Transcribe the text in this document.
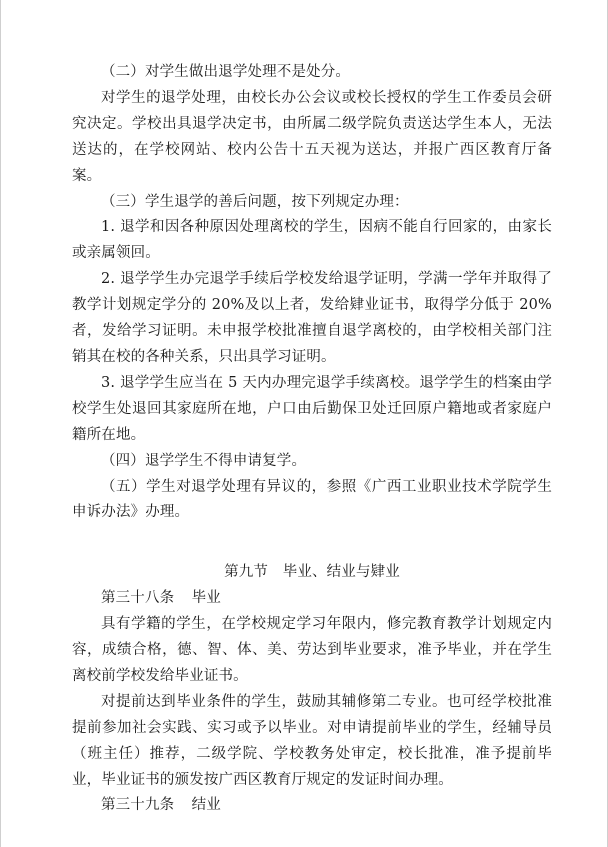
（二）对学生做出退学处理不是处分。

对学生的退学处理，由校长办公会议或校长授权的学生工作委员会研究决定。学校出具退学决定书，由所属二级学院负责送达学生本人，无法送达的，在学校网站、校内公告十五天视为送达，并报广西区教育厅备案。

（三）学生退学的善后问题，按下列规定办理：

1. 退学和因各种原因处理离校的学生，因病不能自行回家的，由家长或亲属领回。

2. 退学学生办完退学手续后学校发给退学证明，学满一学年并取得了教学计划规定学分的 20%及以上者，发给肄业证书，取得学分低于 20%者，发给学习证明。未申报学校批准擅自退学离校的，由学校相关部门注销其在校的各种关系，只出具学习证明。

3. 退学学生应当在 5 天内办理完退学手续离校。退学学生的档案由学校学生处退回其家庭所在地，户口由后勤保卫处迁回原户籍地或者家庭户籍所在地。

（四）退学学生不得申请复学。

（五）学生对退学处理有异议的，参照《广西工业职业技术学院学生申诉办法》办理。

第九节　毕业、结业与肄业

第三十八条 毕业

具有学籍的学生，在学校规定学习年限内，修完教育教学计划规定内容，成绩合格，德、智、体、美、劳达到毕业要求，准予毕业，并在学生离校前学校发给毕业证书。

对提前达到毕业条件的学生，鼓励其辅修第二专业。也可经学校批准提前参加社会实践、实习或予以毕业。对申请提前毕业的学生，经辅导员（班主任）推荐，二级学院、学校教务处审定，校长批准，准予提前毕业，毕业证书的颁发按广西区教育厅规定的发证时间办理。

第三十九条 结业
